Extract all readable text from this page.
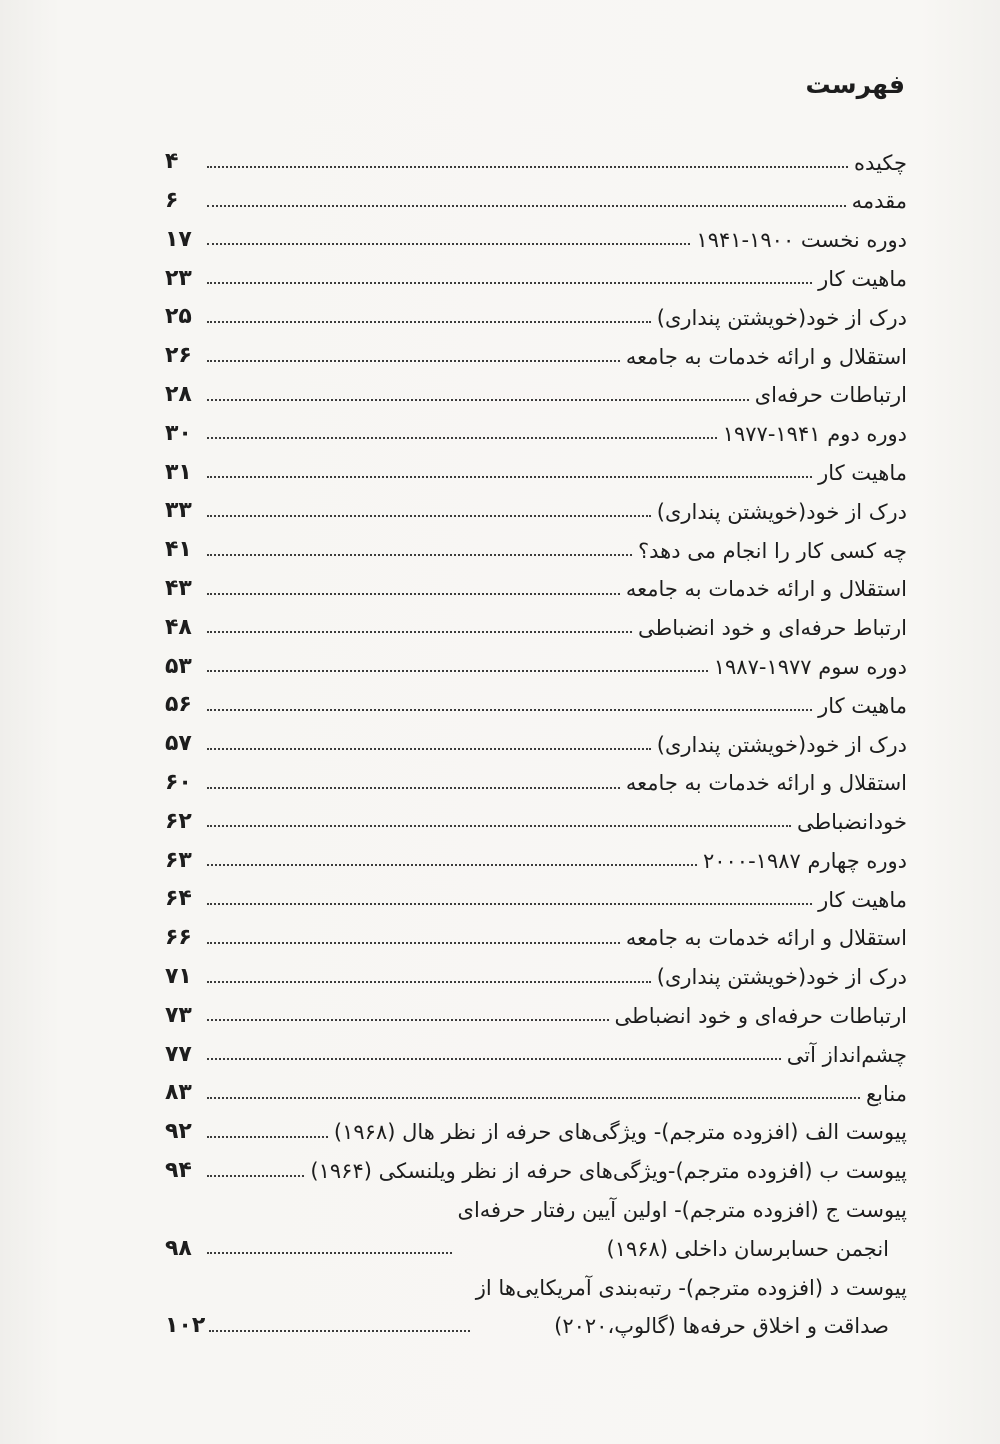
فهرست
چکیده
۴
مقدمه
۶
دوره نخست ۱۹۰۰-۱۹۴۱
۱۷
ماهیت کار
۲۳
درک از خود(خویشتن پنداری)
۲۵
استقلال و ارائه خدمات به جامعه
۲۶
ارتباطات حرفه‌ای
۲۸
دوره دوم ۱۹۴۱-۱۹۷۷
۳۰
ماهیت کار
۳۱
درک از خود(خویشتن پنداری)
۳۳
چه کسی کار را انجام می دهد؟
۴۱
استقلال و ارائه خدمات به جامعه
۴۳
ارتباط حرفه‌ای و خود انضباطی
۴۸
دوره سوم ۱۹۷۷-۱۹۸۷
۵۳
ماهیت کار
۵۶
درک از خود(خویشتن پنداری)
۵۷
استقلال و ارائه خدمات به جامعه
۶۰
خودانضباطی
۶۲
دوره چهارم ۱۹۸۷-۲۰۰۰
۶۳
ماهیت کار
۶۴
استقلال و ارائه خدمات به جامعه
۶۶
درک از خود(خویشتن پنداری)
۷۱
ارتباطات حرفه‌ای و خود انضباطی
۷۳
چشم‌انداز آتی
۷۷
منابع
۸۳
پیوست الف (افزوده مترجم)- ویژگی‌های حرفه از نظر هال (۱۹۶۸)
۹۲
پیوست ب (افزوده مترجم)-ویژگی‌های حرفه از نظر ویلنسکی (۱۹۶۴)
۹۴
پیوست ج (افزوده مترجم)- اولین آیین رفتار حرفه‌ای
انجمن حسابرسان داخلی (۱۹۶۸)
۹۸
پیوست د (افزوده مترجم)- رتبه‌بندی آمریکایی‌ها از
صداقت و اخلاق حرفه‌ها (گالوپ،۲۰۲۰)
۱۰۲
